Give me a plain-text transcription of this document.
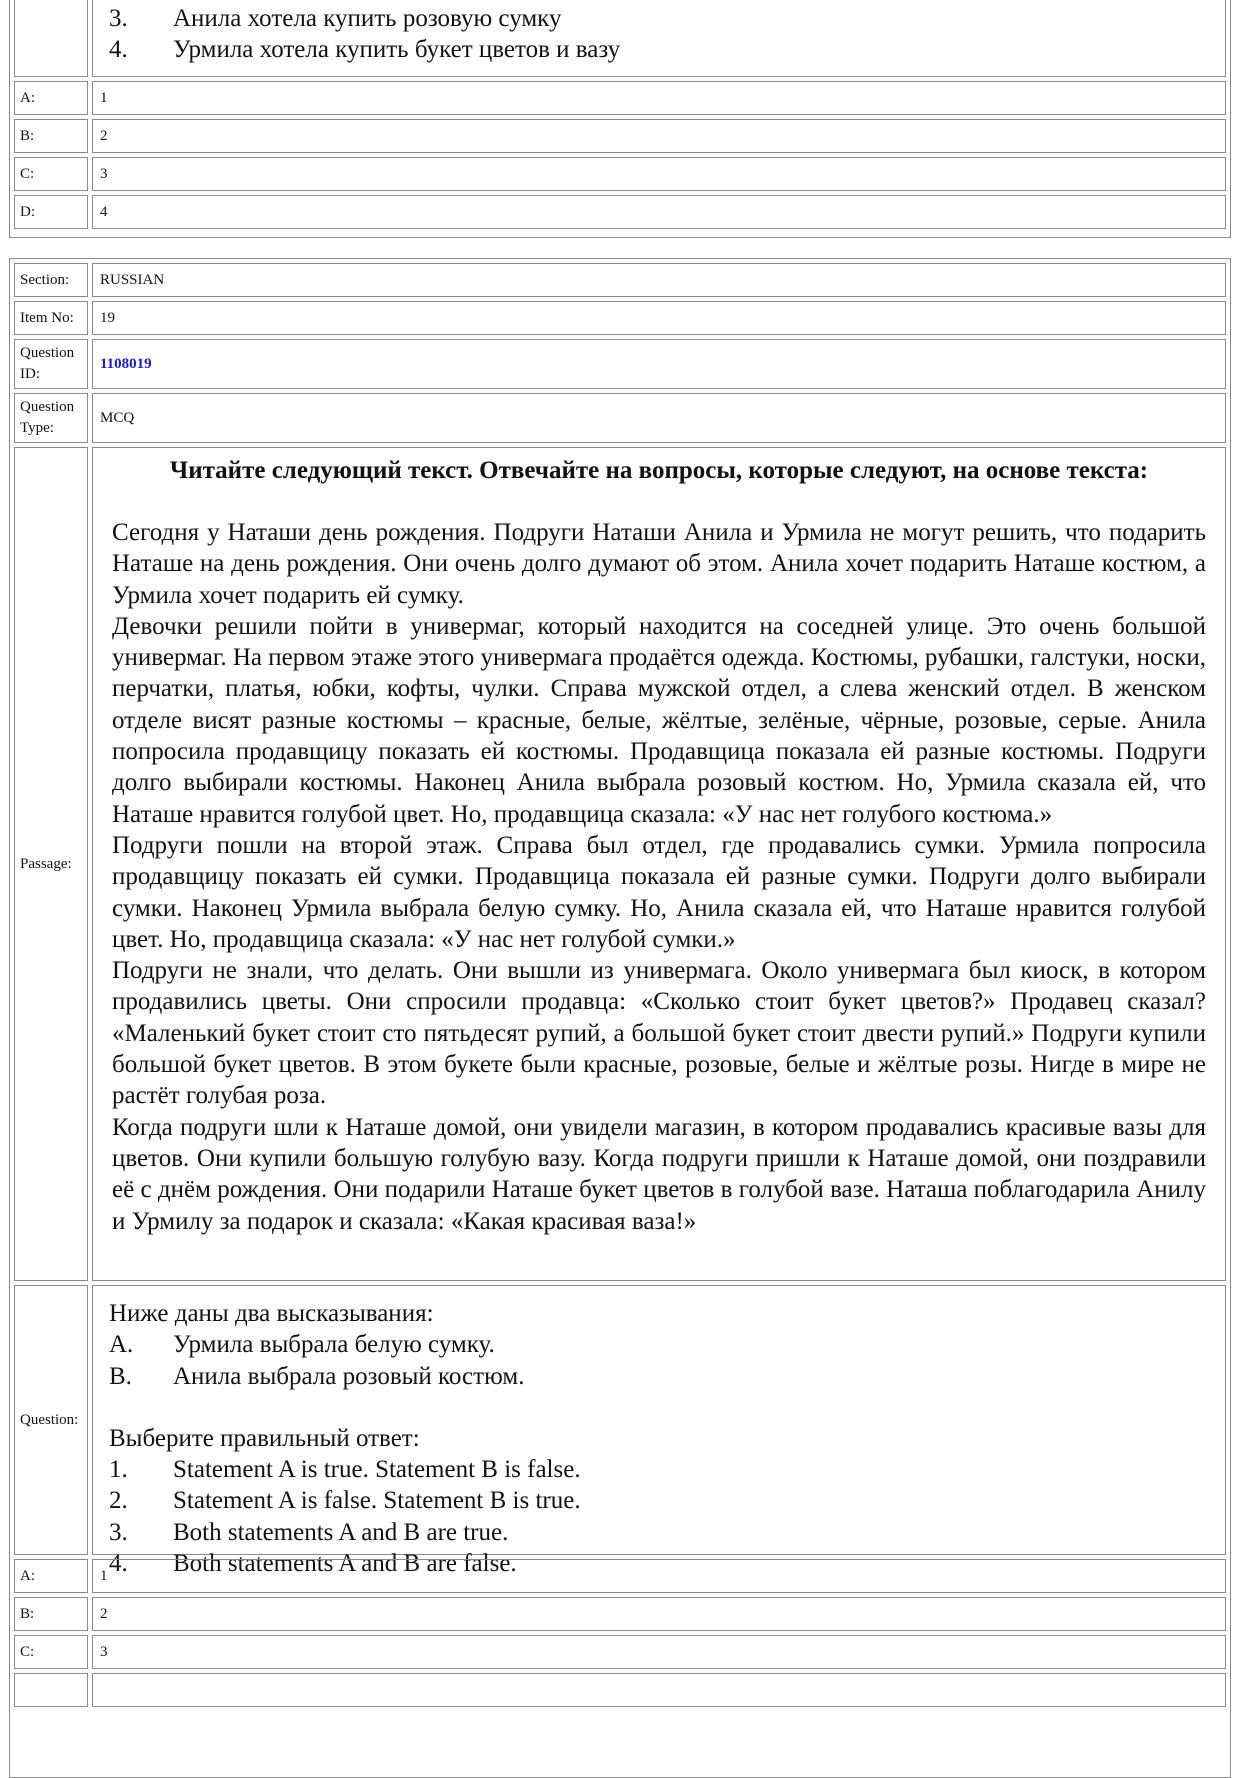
3.	Анила хотела купить розовую сумку
4.	Урмила хотела купить букет цветов и вазу
A:	1
B:	2
C:	3
D:	4
Section:	RUSSIAN
Item No:	19
Question ID:
1108019
Question Type:
MCQ
Passage:
Читайте следующий текст. Отвечайте на вопросы, которые следуют, на основе текста:

Сегодня у Наташи день рождения. Подруги Наташи Анила и Урмила не могут решить, что подарить Наташе на день рождения. Они очень долго думают об этом. Анила хочет подарить Наташе костюм, а Урмила хочет подарить ей сумку.

Девочки решили пойти в универмаг, который находится на соседней улице. Это очень большой универмаг. На первом этаже этого универмага продаётся одежда. Костюмы, рубашки, галстуки, носки, перчатки, платья, юбки, кофты, чулки. Справа мужской отдел, а слева женский отдел. В женском отделе висят разные костюмы – красные, белые, жёлтые, зелёные, чёрные, розовые, серые. Анила попросила продавщицу показать ей костюмы. Продавщица показала ей разные костюмы. Подруги долго выбирали костюмы. Наконец Анила выбрала розовый костюм. Но, Урмила сказала ей, что Наташе нравится голубой цвет. Но, продавщица сказала: «У нас нет голубого костюма.»

Подруги пошли на второй этаж. Справа был отдел, где продавались сумки. Урмила попросила продавщицу показать ей сумки. Продавщица показала ей разные сумки. Подруги долго выбирали сумки. Наконец Урмила выбрала белую сумку. Но, Анила сказала ей, что Наташе нравится голубой цвет. Но, продавщица сказала: «У нас нет голубой сумки.»

Подруги не знали, что делать. Они вышли из универмага. Около универмага был киоск, в котором продавились цветы. Они спросили продавца: «Сколько стоит букет цветов?» Продавец сказал? «Маленький букет стоит сто пятьдесят рупий, а большой букет стоит двести рупий.» Подруги купили большой букет цветов. В этом букете были красные, розовые, белые и жёлтые розы. Нигде в мире не растёт голубая роза.

Когда подруги шли к Наташе домой, они увидели магазин, в котором продавались красивые вазы для цветов. Они купили большую голубую вазу. Когда подруги пришли к Наташе домой, они поздравили её с днём рождения. Они подарили Наташе букет цветов в голубой вазе. Наташа поблагодарила Анилу и Урмилу за подарок и сказала: «Какая красивая ваза!»

Question:
Ниже даны два высказывания:
A.	Урмила выбрала белую сумку.
B.	Анила выбрала розовый костюм.
Выберите правильный ответ:
1.	Statement A is true. Statement B is false.
2.	Statement A is false. Statement B is true.
3.	Both statements A and B are true.
4.	Both statements A and B are false.
A:	1
B:	2
C:	3
